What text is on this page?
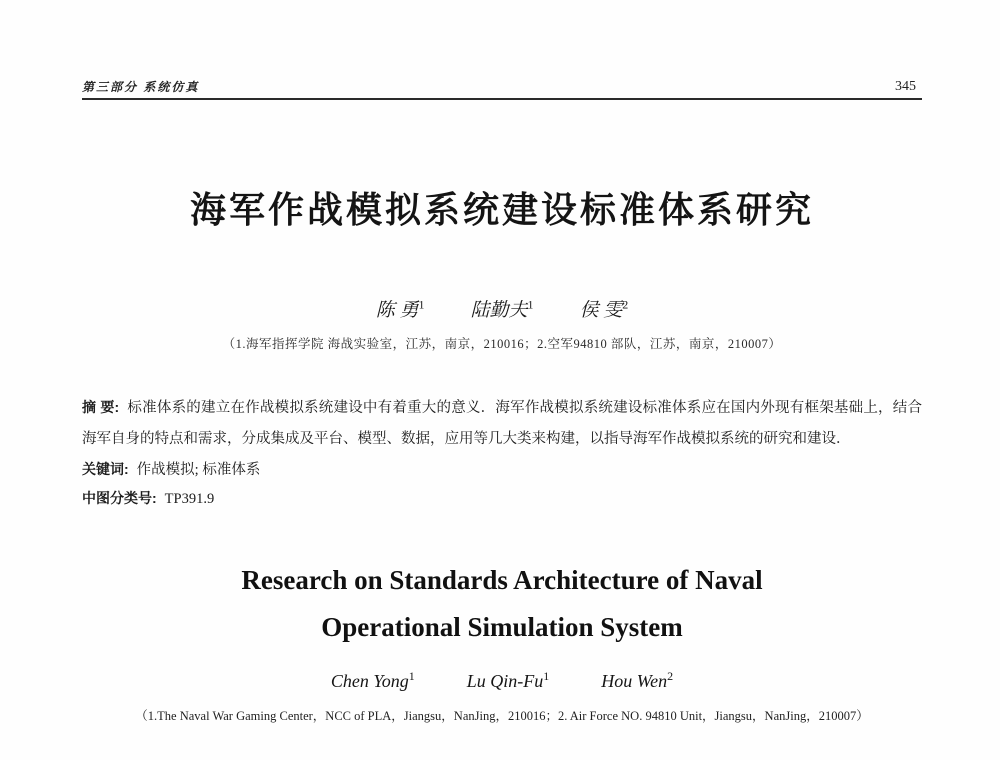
第三部分 系统仿真	345
海军作战模拟系统建设标准体系研究
陈 勇$^1$ 陆勤夫$^1$ 侯 雯$^2$
（1.海军指挥学院 海战实验室，江苏，南京，210016；2.空军94810 部队，江苏，南京，210007）

摘 要: 标准体系的建立在作战模拟系统建设中有着重大的意义．海军作战模拟系统建设标准体系应在国内外现有框架基础上，结合海军自身的特点和需求，分成集成及平台、模型、数据，应用等几大类来构建，以指导海军作战模拟系统的研究和建设．

关键词: 作战模拟; 标准体系

中图分类号: TP391.9

Research on Standards Architecture of Naval
Operational Simulation System
Chen Yong$^1$	Lu Qin-Fu$^1$	Hou Wen$^2$
（1.The Naval War Gaming Center，NCC of PLA，Jiangsu，NanJing，210016；2. Air Force NO. 94810 Unit，Jiangsu，NanJing，210007）
